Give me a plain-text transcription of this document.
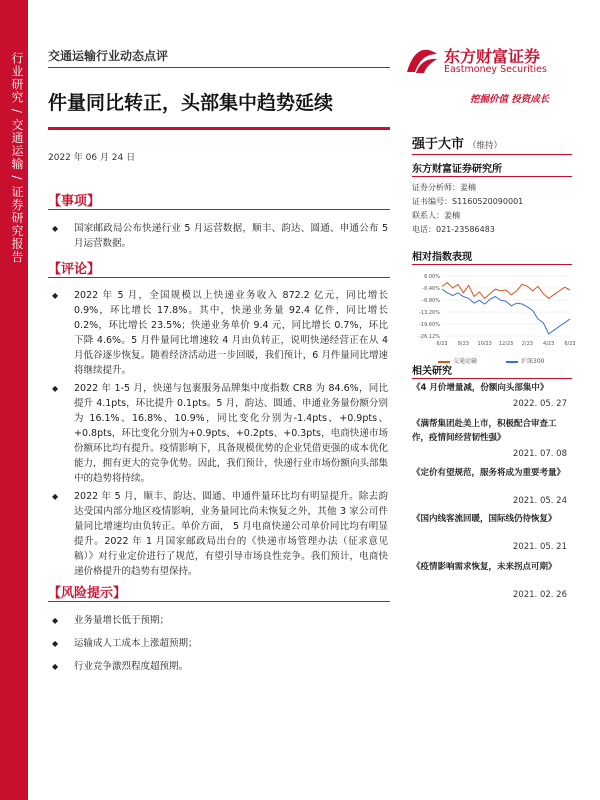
行业研究 / 交通运输 / 证券研究报告 交通运输行业动态点评
件量同比转正，头部集中趋势延续
2022 年 06 月 24 日
【事项】
◆	国家邮政局公布快递行业 5 月运营数据，顺丰、韵达、圆通、申通公布 5 月运营数据。
【评论】
◆	2022 年 5 月，全国规模以上快递业务收入 872.2 亿元，同比增长 0.9%，环比增长 17.8%。其中，快递业务量 92.4 亿件，同比增长 0.2%，环比增长 23.5%；快递业务单价 9.4 元，同比增长 0.7%，环比下降 4.6%。5 月件量同比增速较 4 月由负转正，说明快递经营正在从 4 月低谷逐步恢复。随着经济活动进一步回暖，我们预计，6 月件量同比增速将继续提升。
◆	2022 年 1-5 月，快递与包裹服务品牌集中度指数 CR8 为 84.6%，同比提升 4.1pts，环比提升 0.1pts。5 月，韵达、圆通、申通业务量份额分别为 16.1%、16.8%、10.9%，同比变化分别为-1.4pts、+0.9pts、+0.8pts，环比变化分别为+0.9pts、+0.2pts、+0.3pts，电商快递市场份额环比均有提升。疫情影响下，具备规模优势的企业凭借更强的成本优化能力，拥有更大的竞争优势。因此，我们预计，快递行业市场份额向头部集中的趋势将持续。
◆	2022 年 5 月，顺丰、韵达、圆通、申通件量环比均有明显提升。除去韵达受国内部分地区疫情影响，业务量同比尚未恢复之外，其他 3 家公司件量同比增速均由负转正。单价方面， 5 月电商快递公司单价同比均有明显提升。2022 年 1 月国家邮政局出台的《快递市场管理办法（征求意见稿）》对行业定价进行了规范，有望引导市场良性竞争。我们预计，电商快递价格提升的趋势有望保持。
【风险提示】
◆	业务量增长低于预期；
◆	运输成人工成本上涨超预期；
◆	行业竞争激烈程度超预期。
东方财富证券
Eastmoney Securities
挖掘价值 投资成长
强于大市 （维持）
东方财富证券研究所
证券分析师：姜楠
证书编号：S1160520090001
联系人：姜楠
电话：021-23586483
相对指数表现
6.00%
-0.40%
-6.80%
-13.20%
-19.60%
-26.12%
6/23 8/23 10/23 12/23 2/23 4/23 6/23
交通运输	沪深300
相关研究
《4 月价增量减，份额向头部集中》
2022. 05. 27
《满帮集团赴美上市，积极配合审查工作，疫情间经营韧性强》
2021. 07. 08
《定价有望规范，服务将成为重要考量》
2021. 05. 24
《国内线客流回暖，国际线仍待恢复》
2021. 05. 21
《疫情影响需求恢复，未来拐点可期》
2021. 02. 26
